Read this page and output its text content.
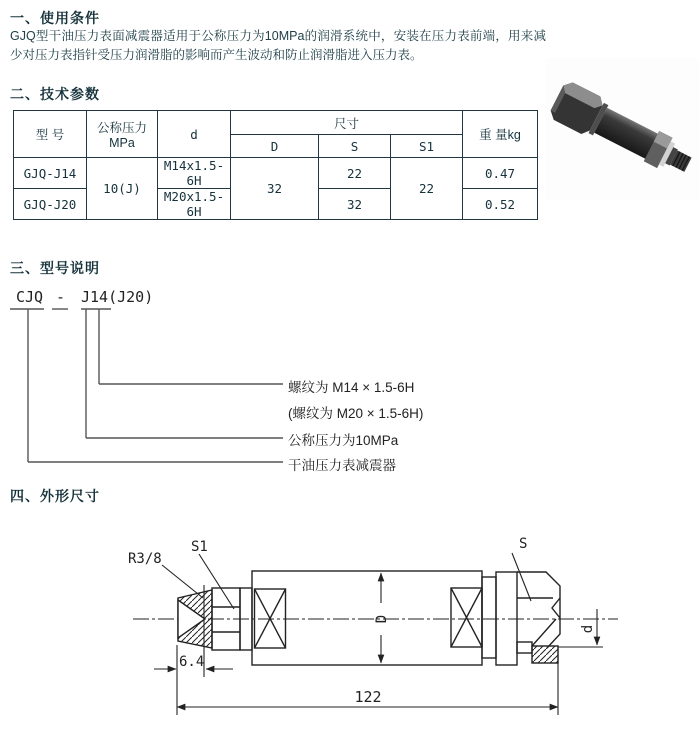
一、使用条件
GJQ型干油压力表面减震器适用于公称压力为10MPa的润滑系统中，安装在压力表前端，用来减少对压力表指针受压力润滑脂的影响而产生波动和防止润滑脂进入压力表。
二、技术参数
型 号	公称压力MPa	d	尺寸			重 量kg
			D	S	S1	
GJQ-J14	10(J)	M14x1.5-6H	32	22	22	0.47
GJQ-J20		M20x1.5-6H		32		0.52
三、型号说明
CJQ - J14(J20)
螺纹为 M14 × 1.5-6H
(螺纹为 M20 × 1.5-6H)
公称压力为10MPa
干油压力表减震器
四、外形尺寸
R3/8
S1	S
6.4
122
D
d
